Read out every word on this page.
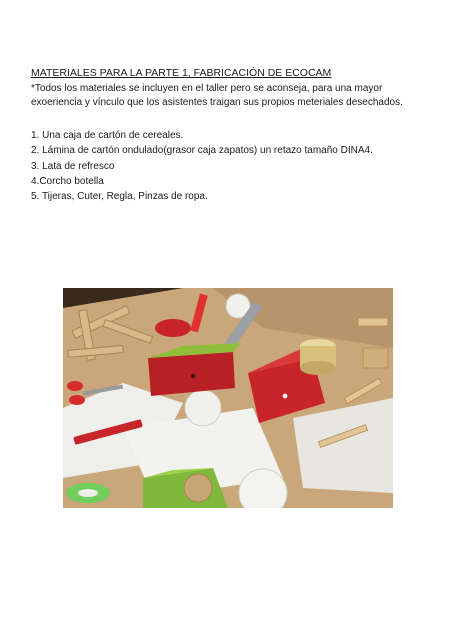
MATERIALES PARA LA PARTE 1, FABRICACIÓN DE ECOCAM
*Todos los materiales se incluyen en el taller pero se aconseja, para una mayor exoeriencia y vínculo que los asistentes traigan sus propios meteriales desechados.
1. Una caja de cartón de cereales.
2. Lámina de cartón ondulado(grasor caja zapatos) un retazo tamaño DINA4.
3. Lata de refresco
4.Corcho botella
5. Tijeras, Cuter, Regla, Pinzas de ropa.
